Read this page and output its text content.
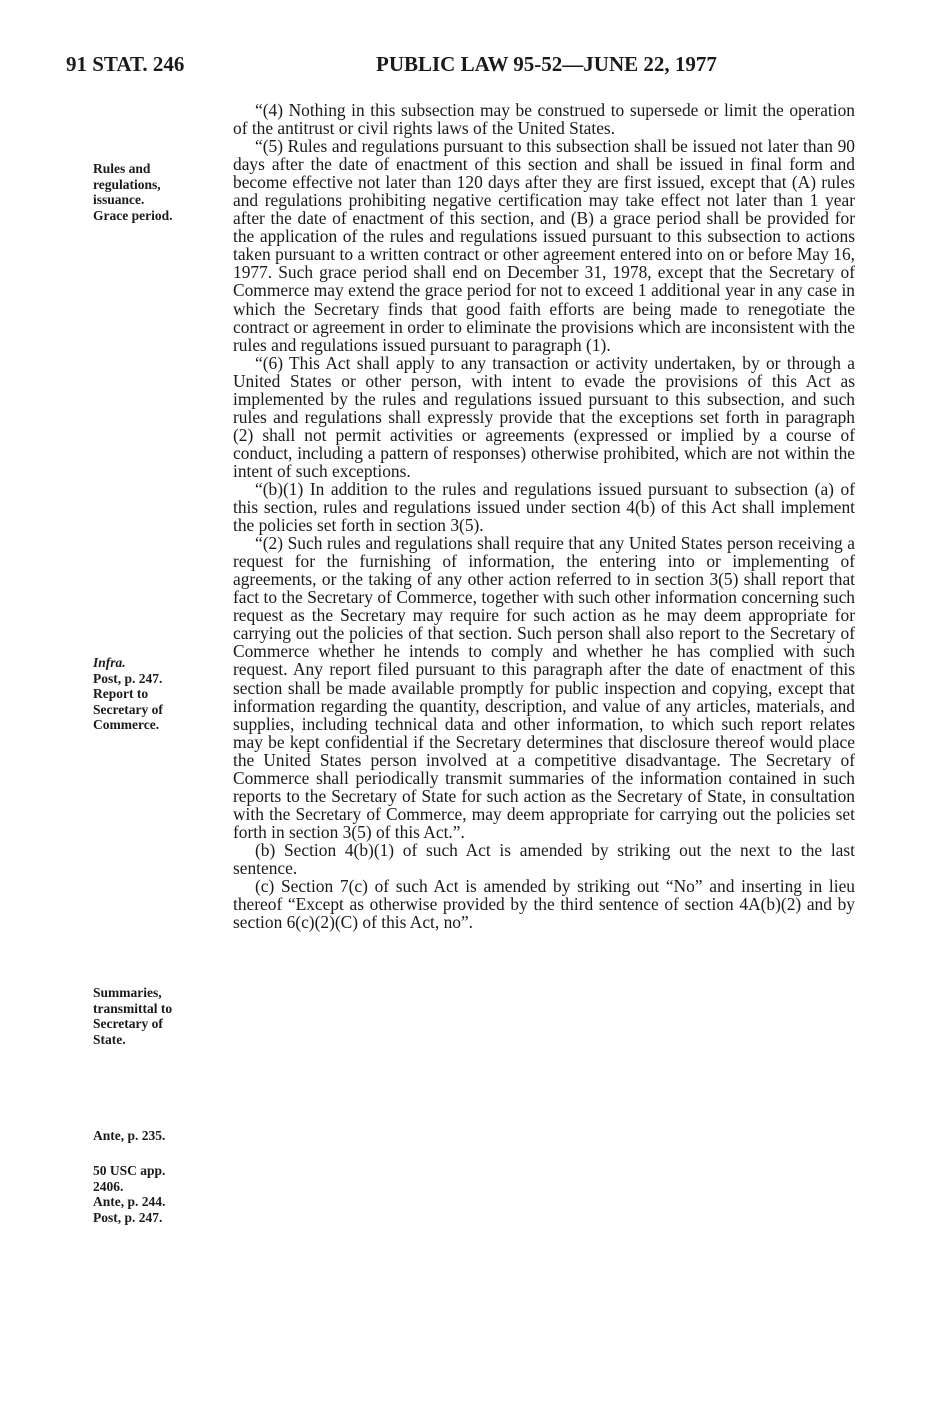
91 STAT. 246	PUBLIC LAW 95-52—JUNE 22, 1977
Rules and
regulations,
issuance.
Grace period.
Infra.
Post, p. 247.
Report to
Secretary of
Commerce.
Summaries,
transmittal to
Secretary of
State.
Ante, p. 235.
50 USC app.
2406.
Ante, p. 244.
Post, p. 247.

“(4) Nothing in this subsection may be construed to supersede or limit the operation of the antitrust or civil rights laws of the United States.

“(5) Rules and regulations pursuant to this subsection shall be issued not later than 90 days after the date of enactment of this section and shall be issued in final form and become effective not later than 120 days after they are first issued, except that (A) rules and regulations prohibiting negative certification may take effect not later than 1 year after the date of enactment of this section, and (B) a grace period shall be provided for the application of the rules and regulations issued pursuant to this subsection to actions taken pursuant to a written contract or other agreement entered into on or before May 16, 1977. Such grace period shall end on December 31, 1978, except that the Secretary of Commerce may extend the grace period for not to exceed 1 additional year in any case in which the Secretary finds that good faith efforts are being made to renegotiate the contract or agreement in order to eliminate the provisions which are inconsistent with the rules and regulations issued pursuant to paragraph (1).

“(6) This Act shall apply to any transaction or activity undertaken, by or through a United States or other person, with intent to evade the provisions of this Act as implemented by the rules and regulations issued pursuant to this subsection, and such rules and regulations shall expressly provide that the exceptions set forth in paragraph (2) shall not permit activities or agreements (expressed or implied by a course of conduct, including a pattern of responses) otherwise prohibited, which are not within the intent of such exceptions.

“(b)(1) In addition to the rules and regulations issued pursuant to subsection (a) of this section, rules and regulations issued under section 4(b) of this Act shall implement the policies set forth in section 3(5).

“(2) Such rules and regulations shall require that any United States person receiving a request for the furnishing of information, the entering into or implementing of agreements, or the taking of any other action referred to in section 3(5) shall report that fact to the Secretary of Commerce, together with such other information concerning such request as the Secretary may require for such action as he may deem appropriate for carrying out the policies of that section. Such person shall also report to the Secretary of Commerce whether he intends to comply and whether he has complied with such request. Any report filed pursuant to this paragraph after the date of enactment of this section shall be made available promptly for public inspection and copying, except that information regarding the quantity, description, and value of any articles, materials, and supplies, including technical data and other information, to which such report relates may be kept confidential if the Secretary determines that disclosure thereof would place the United States person involved at a competitive disadvantage. The Secretary of Commerce shall periodically transmit summaries of the information contained in such reports to the Secretary of State for such action as the Secretary of State, in consultation with the Secretary of Commerce, may deem appropriate for carrying out the policies set forth in section 3(5) of this Act.”.

(b) Section 4(b)(1) of such Act is amended by striking out the next to the last sentence.

(c) Section 7(c) of such Act is amended by striking out “No” and inserting in lieu thereof “Except as otherwise provided by the third sentence of section 4A(b)(2) and by section 6(c)(2)(C) of this Act, no”.
